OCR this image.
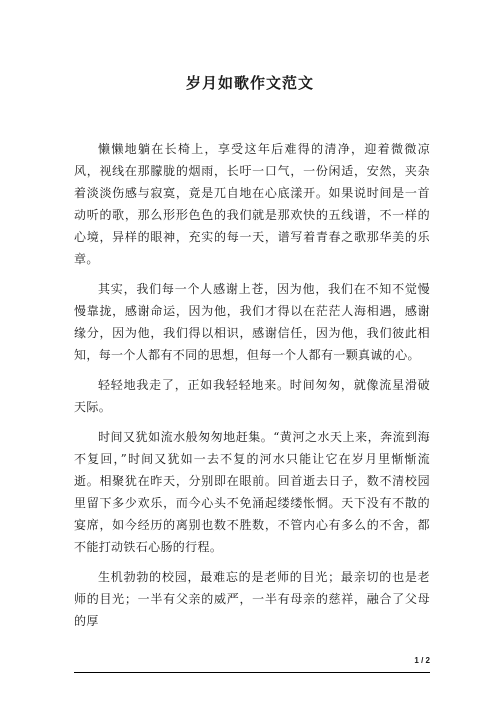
岁月如歌作文范文

懒懒地躺在长椅上，享受这年后难得的清净，迎着微微凉风，视线在那朦胧的烟雨，长吁一口气，一份闲适，安然，夹杂着淡淡伤感与寂寞，竟是兀自地在心底漾开。如果说时间是一首动听的歌，那么形形色色的我们就是那欢快的五线谱，不一样的心境，异样的眼神，充实的每一天，谱写着青春之歌那华美的乐章。

其实，我们每一个人感谢上苍，因为他，我们在不知不觉慢慢靠拢，感谢命运，因为他，我们才得以在茫茫人海相遇，感谢缘分，因为他，我们得以相识，感谢信任，因为他，我们彼此相知，每一个人都有不同的思想，但每一个人都有一颗真诚的心。

轻轻地我走了，正如我轻轻地来。时间匆匆，就像流星滑破天际。

时间又犹如流水般匆匆地赶集。“黄河之水天上来，奔流到海不复回，”时间又犹如一去不复的河水只能让它在岁月里惭惭流逝。相聚犹在昨天，分别即在眼前。回首逝去日子，数不清校园里留下多少欢乐，而今心头不免涌起缕缕怅惘。天下没有不散的宴席，如今经历的离别也数不胜数，不管内心有多么的不舍，都不能打动铁石心肠的行程。

生机勃勃的校园，最难忘的是老师的目光；最亲切的也是老师的目光；一半有父亲的威严，一半有母亲的慈祥，融合了父母的厚

1 / 2
